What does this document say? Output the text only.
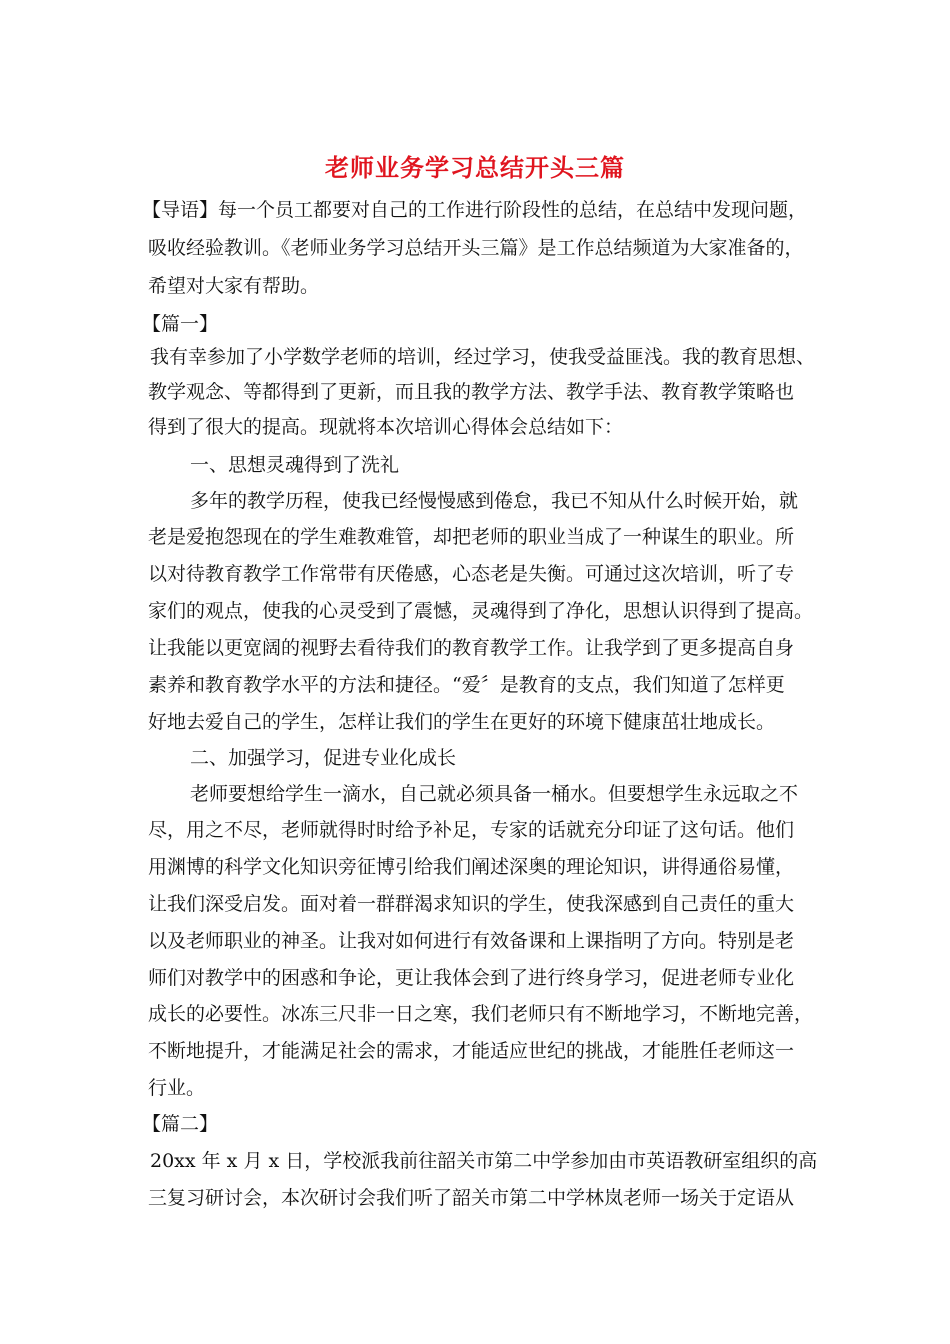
老师业务学习总结开头三篇
【导语】每一个员工都要对自己的工作进行阶段性的总结，在总结中发现问题，
吸收经验教训。《老师业务学习总结开头三篇》是工作总结频道为大家准备的，
希望对大家有帮助。
【篇一】
我有幸参加了小学数学老师的培训，经过学习，使我受益匪浅。我的教育思想、
教学观念、等都得到了更新，而且我的教学方法、教学手法、教育教学策略也
得到了很大的提高。现就将本次培训心得体会总结如下：
一、思想灵魂得到了洗礼
多年的教学历程，使我已经慢慢感到倦怠，我已不知从什么时候开始，就
老是爱抱怨现在的学生难教难管，却把老师的职业当成了一种谋生的职业。所
以对待教育教学工作常带有厌倦感，心态老是失衡。可通过这次培训，听了专
家们的观点，使我的心灵受到了震憾，灵魂得到了净化，思想认识得到了提高。
让我能以更宽阔的视野去看待我们的教育教学工作。让我学到了更多提高自身
素养和教育教学水平的方法和捷径。“爱〞是教育的支点，我们知道了怎样更
好地去爱自己的学生，怎样让我们的学生在更好的环境下健康茁壮地成长。
二、加强学习，促进专业化成长
老师要想给学生一滴水，自己就必须具备一桶水。但要想学生永远取之不
尽，用之不尽，老师就得时时给予补足，专家的话就充分印证了这句话。他们
用渊博的科学文化知识旁征博引给我们阐述深奥的理论知识，讲得通俗易懂，
让我们深受启发。面对着一群群渴求知识的学生，使我深感到自己责任的重大
以及老师职业的神圣。让我对如何进行有效备课和上课指明了方向。特别是老
师们对教学中的困惑和争论，更让我体会到了进行终身学习，促进老师专业化
成长的必要性。冰冻三尺非一日之寒，我们老师只有不断地学习，不断地完善，
不断地提升，才能满足社会的需求，才能适应世纪的挑战，才能胜任老师这一
行业。
【篇二】
20xx 年 x 月 x 日，学校派我前往韶关市第二中学参加由市英语教研室组织的高
三复习研讨会，本次研讨会我们听了韶关市第二中学林岚老师一场关于定语从
